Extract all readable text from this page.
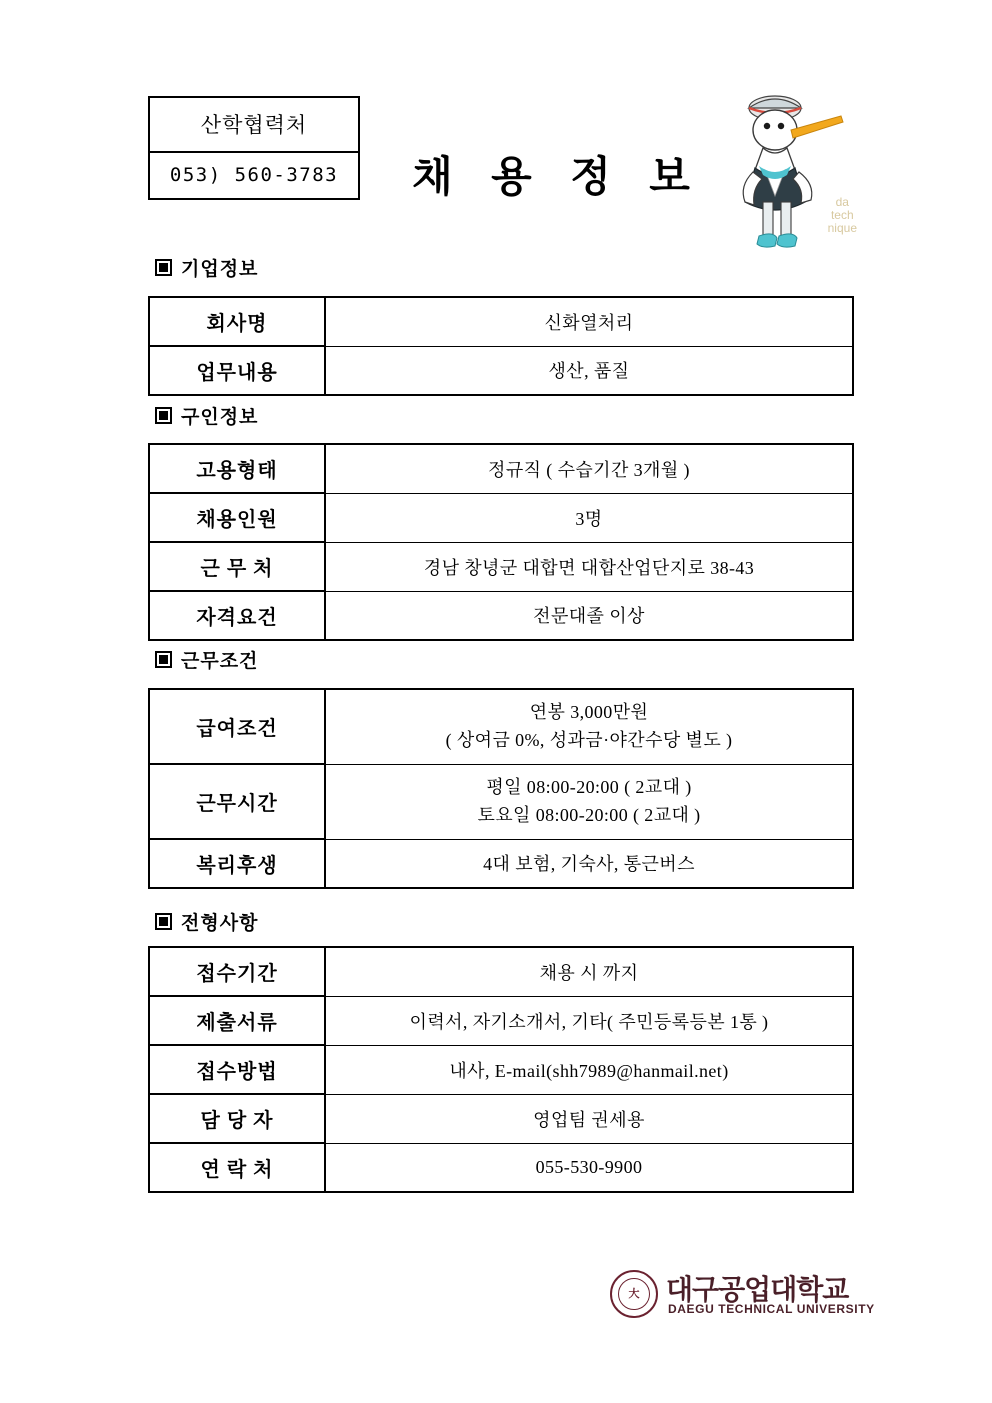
산학협력처
053) 560-3783	채 용 정 보
da
tech
nique
기업정보
회사명	신화열처리
업무내용	생산, 품질
구인정보
고용형태	정규직 ( 수습기간 3개월 )
채용인원	3명
근 무 처	경남 창녕군 대합면 대합산업단지로 38-43
자격요건	전문대졸 이상
근무조건
급여조건	연봉 3,000만원
( 상여금 0%, 성과금·야간수당 별도 )

근무시간	평일 08:00-20:00 ( 2교대 )
토요일 08:00-20:00 ( 2교대 )

복리후생	4대 보험, 기숙사, 통근버스
전형사항
접수기간	채용 시 까지
제출서류	이력서, 자기소개서, 기타( 주민등록등본 1통 )
접수방법	내사, E-mail(shh7989@hanmail.net)
담 당 자	영업팀 권세용
연 락 처	055-530-9900
大 대구공업대학교
DAEGU TECHNICAL UNIVERSITY
